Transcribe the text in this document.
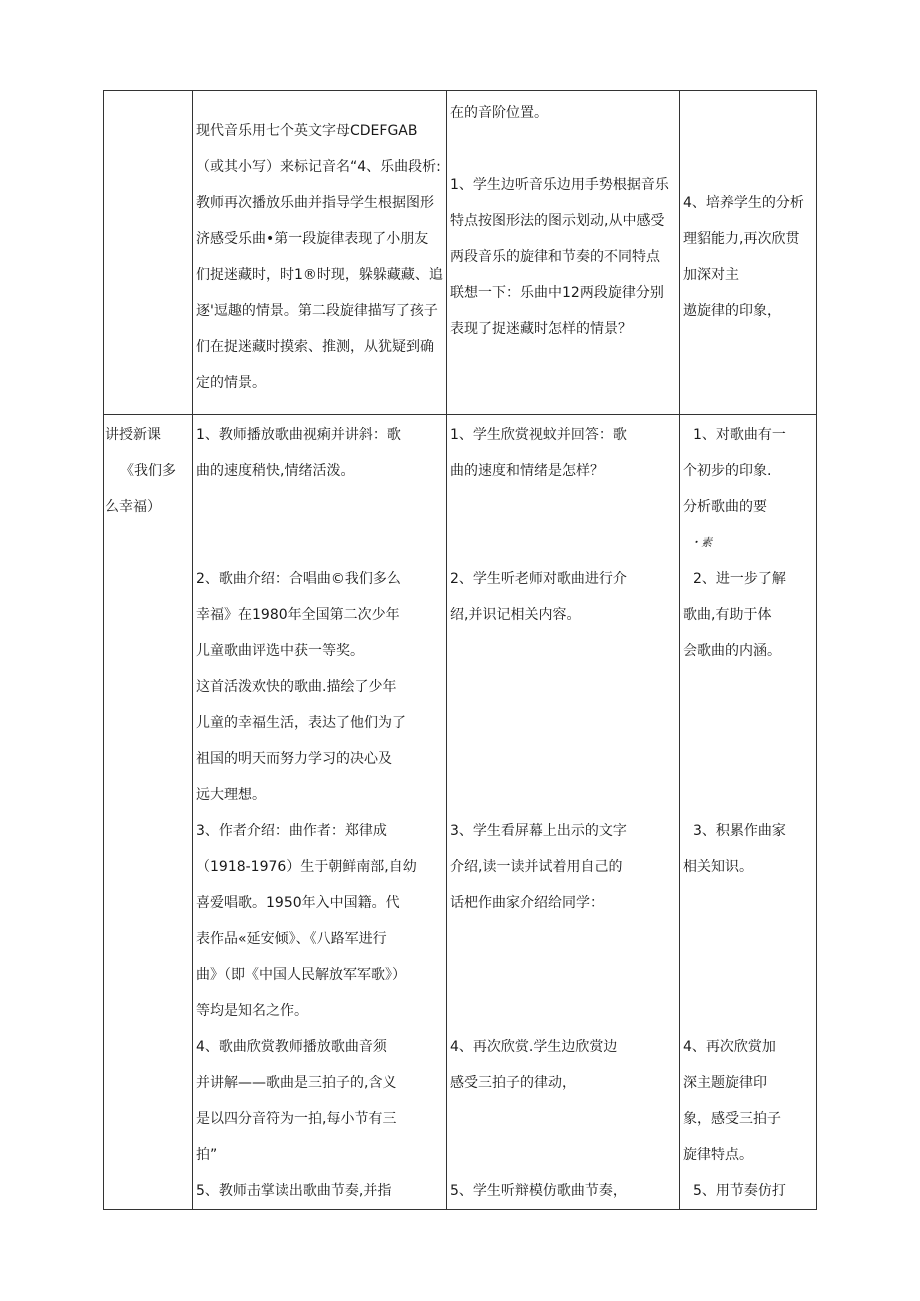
现代音乐用七个英文字母CDEFGAB
（或其小写）来标记音名“4、乐曲段析:
教师再次播放乐曲并指导学生根据图形
济感受乐曲•第一段旋律表现了小朋友
们捉迷藏时，时1®时现，躲躲藏藏、追
逐'逗趣的情景。第二段旋律描写了孩子
们在捉迷藏时摸索、推测，从犹疑到确
定的情景。
在的音阶位置。
1、学生边听音乐边用手势根据音乐
特点按图形法的图示划动,从中感受
两段音乐的旋律和节奏的不同特点
联想一下：乐曲中12两段旋律分别
表现了捉迷藏时怎样的情景？
4、培养学生的分析
理貂能力,再次欣贯
加深对主
遨旋律的印象，
讲授新课
《我们多
么幸福）
1、教师播放歌曲视痢并讲斜：歌
曲的速度稍快,情绪活泼。
2、歌曲介绍：合唱曲©我们多么
幸福》在1980年全国第二次少年
儿童歌曲评选中获一等奖。
这首活泼欢快的歌曲.描绘了少年
儿童的幸福生活，表达了他们为了
祖国的明天而努力学习的决心及
远大理想。
3、作者介绍：曲作者：郑律成
（1918-1976）生于朝鲜南部,自幼
喜爱唱歌。1950年入中国籍。代
表作品«延安倾》、《八路军进行
曲》（即《中国人民解放军军歌》）
等均是知名之作。
4、歌曲欣赏教师播放歌曲音须
并讲解——歌曲是三拍子的,含义
是以四分音符为一拍,每小节有三
拍”
5、教师击掌读出歌曲节奏,并指
1、学生欣赏视蚊并回答：歌
曲的速度和情绪是怎样？
2、学生听老师对歌曲进行介
绍,并识记相关内容。
3、学生看屏幕上出示的文字
介绍,读一读并试着用自己的
话杷作曲家介绍给同学：
4、再次欣赏.学生边欣赏边
感受三拍子的律动，
5、学生听辩模仿歌曲节奏，
1、对歌曲有一
个初步的印象.
分析歌曲的要
・素
2、进一步了解
歌曲,有助于体
会歌曲的内涵。
3、积累作曲家
相关知识。
4、再次欣赏加
深主题旋律印
象，感受三拍子
旋律特点。
5、用节奏仿打
